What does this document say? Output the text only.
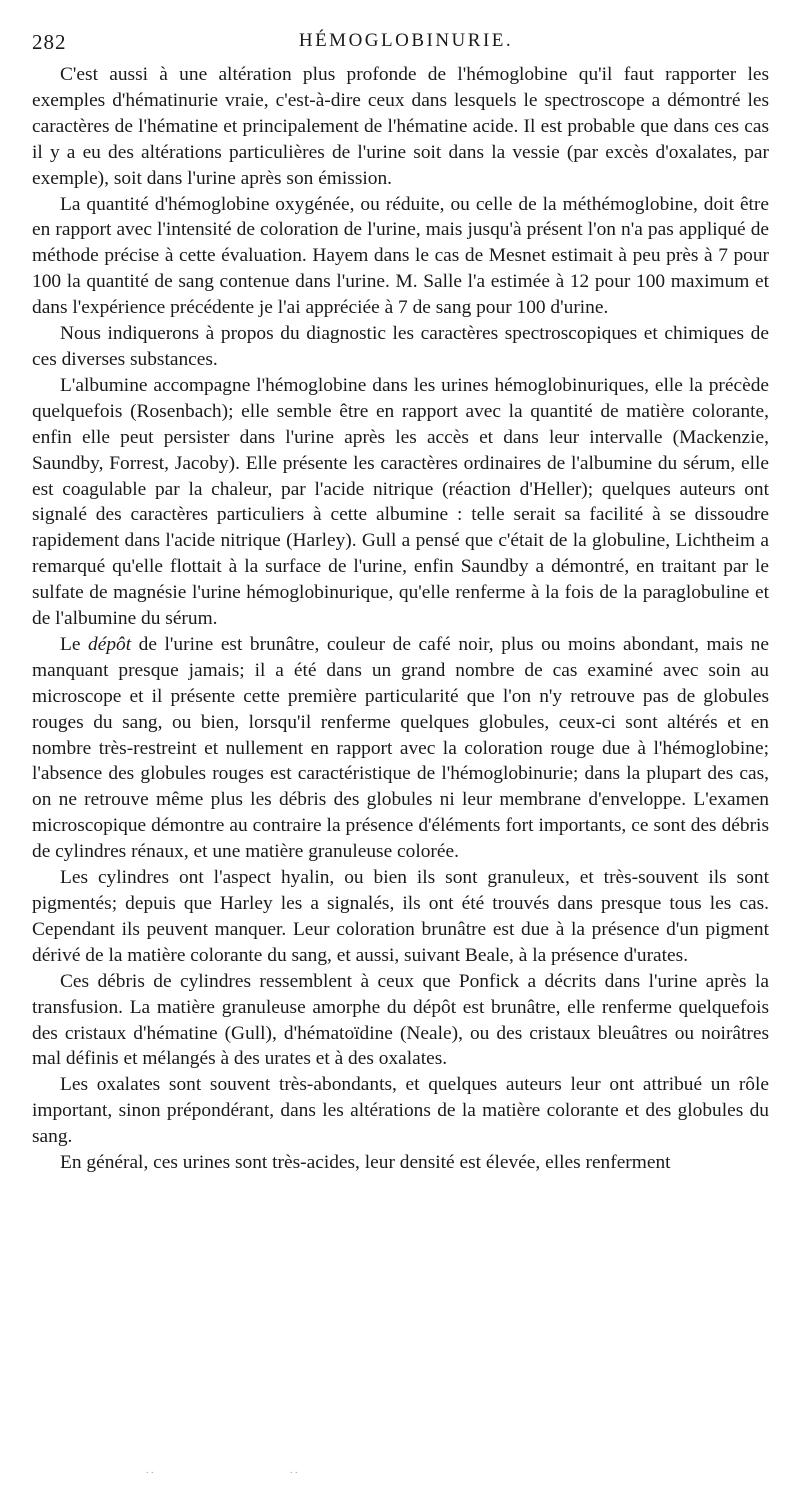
282	HÉMOGLOBINURIE.

C'est aussi à une altération plus profonde de l'hémoglobine qu'il faut rapporter les exemples d'hématinurie vraie, c'est-à-dire ceux dans lesquels le spectroscope a démontré les caractères de l'hématine et principalement de l'hématine acide. Il est probable que dans ces cas il y a eu des altérations particulières de l'urine soit dans la vessie (par excès d'oxalates, par exemple), soit dans l'urine après son émission.

La quantité d'hémoglobine oxygénée, ou réduite, ou celle de la méthémoglobine, doit être en rapport avec l'intensité de coloration de l'urine, mais jusqu'à présent l'on n'a pas appliqué de méthode précise à cette évaluation. Hayem dans le cas de Mesnet estimait à peu près à 7 pour 100 la quantité de sang contenue dans l'urine. M. Salle l'a estimée à 12 pour 100 maximum et dans l'expérience précédente je l'ai appréciée à 7 de sang pour 100 d'urine.

Nous indiquerons à propos du diagnostic les caractères spectroscopiques et chimiques de ces diverses substances.

L'albumine accompagne l'hémoglobine dans les urines hémoglobinuriques, elle la précède quelquefois (Rosenbach); elle semble être en rapport avec la quantité de matière colorante, enfin elle peut persister dans l'urine après les accès et dans leur intervalle (Mackenzie, Saundby, Forrest, Jacoby). Elle présente les caractères ordinaires de l'albumine du sérum, elle est coagulable par la chaleur, par l'acide nitrique (réaction d'Heller); quelques auteurs ont signalé des caractères particuliers à cette albumine : telle serait sa facilité à se dissoudre rapidement dans l'acide nitrique (Harley). Gull a pensé que c'était de la globuline, Lichtheim a remarqué qu'elle flottait à la surface de l'urine, enfin Saundby a démontré, en traitant par le sulfate de magnésie l'urine hémoglobinurique, qu'elle renferme à la fois de la paraglobuline et de l'albumine du sérum.

Le dépôt de l'urine est brunâtre, couleur de café noir, plus ou moins abondant, mais ne manquant presque jamais; il a été dans un grand nombre de cas examiné avec soin au microscope et il présente cette première particularité que l'on n'y retrouve pas de globules rouges du sang, ou bien, lorsqu'il renferme quelques globules, ceux-ci sont altérés et en nombre très-restreint et nullement en rapport avec la coloration rouge due à l'hémoglobine; l'absence des globules rouges est caractéristique de l'hémoglobinurie; dans la plupart des cas, on ne retrouve même plus les débris des globules ni leur membrane d'enveloppe. L'examen microscopique démontre au contraire la présence d'éléments fort importants, ce sont des débris de cylindres rénaux, et une matière granuleuse colorée.

Les cylindres ont l'aspect hyalin, ou bien ils sont granuleux, et très-souvent ils sont pigmentés; depuis que Harley les a signalés, ils ont été trouvés dans presque tous les cas. Cependant ils peuvent manquer. Leur coloration brunâtre est due à la présence d'un pigment dérivé de la matière colorante du sang, et aussi, suivant Beale, à la présence d'urates.

Ces débris de cylindres ressemblent à ceux que Ponfick a décrits dans l'urine après la transfusion. La matière granuleuse amorphe du dépôt est brunâtre, elle renferme quelquefois des cristaux d'hématine (Gull), d'hématoïdine (Neale), ou des cristaux bleuâtres ou noirâtres mal définis et mélangés à des urates et à des oxalates.

Les oxalates sont souvent très-abondants, et quelques auteurs leur ont attribué un rôle important, sinon prépondérant, dans les altérations de la matière colorante et des globules du sang.

En général, ces urines sont très-acides, leur densité est élevée, elles renferment

. .	. .
